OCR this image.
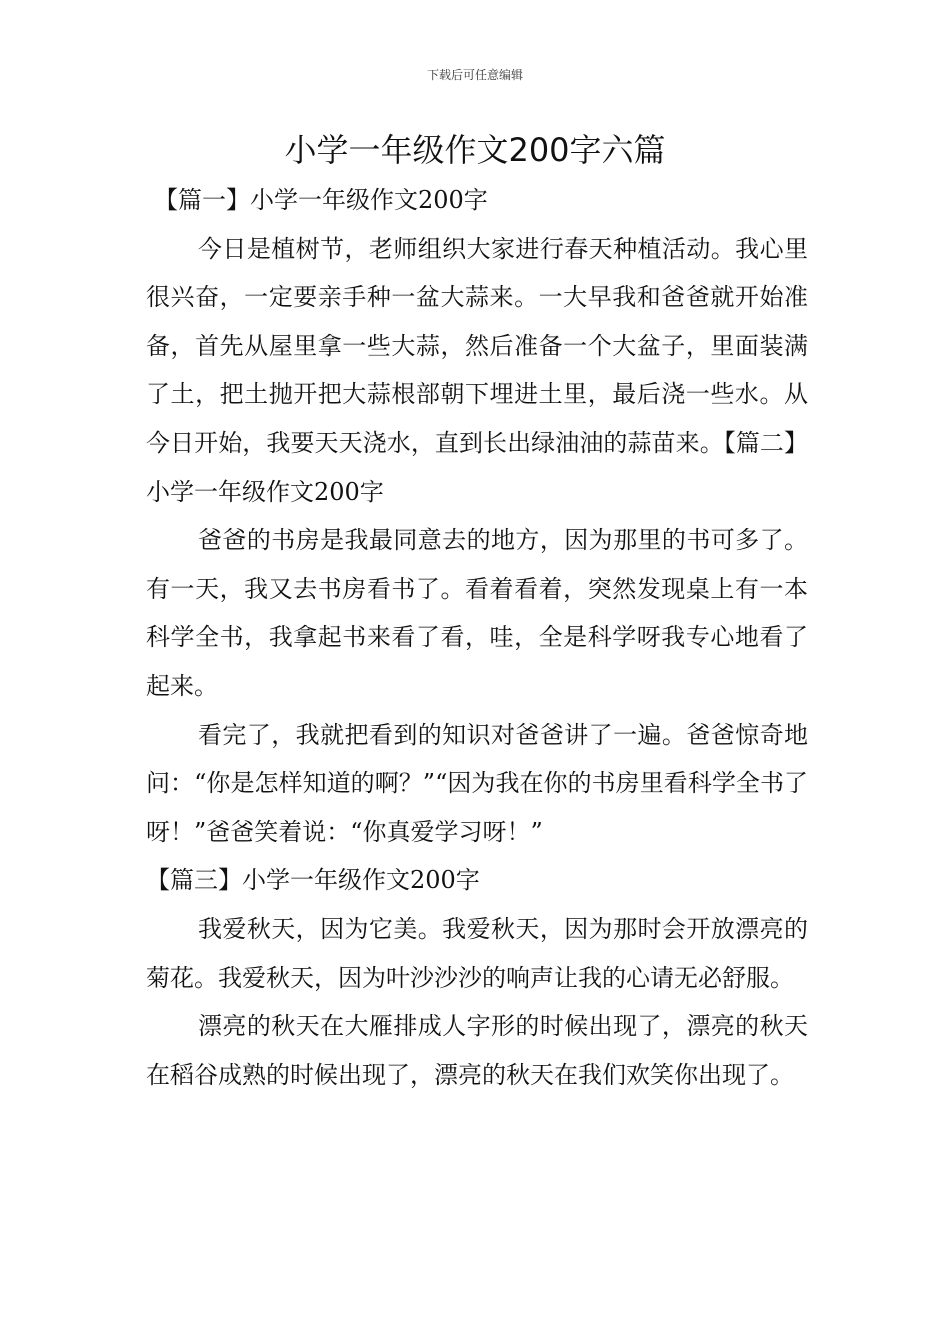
下载后可任意编辑
小学一年级作文200字六篇
【篇一】小学一年级作文200字

今日是植树节，老师组织大家进行春天种植活动。我心里很兴奋，一定要亲手种一盆大蒜来。一大早我和爸爸就开始准备，首先从屋里拿一些大蒜，然后准备一个大盆子，里面装满了土，把土抛开把大蒜根部朝下埋进土里，最后浇一些水。从今日开始，我要天天浇水，直到长出绿油油的蒜苗来。【篇二】小学一年级作文200字

爸爸的书房是我最同意去的地方，因为那里的书可多了。有一天，我又去书房看书了。看着看着，突然发现桌上有一本科学全书，我拿起书来看了看，哇，全是科学呀我专心地看了起来。

看完了，我就把看到的知识对爸爸讲了一遍。爸爸惊奇地问：“你是怎样知道的啊？”“因为我在你的书房里看科学全书了呀！”爸爸笑着说：“你真爱学习呀！”

【篇三】小学一年级作文200字

我爱秋天，因为它美。我爱秋天，因为那时会开放漂亮的菊花。我爱秋天，因为叶沙沙沙的响声让我的心请无必舒服。

漂亮的秋天在大雁排成人字形的时候出现了，漂亮的秋天在稻谷成熟的时候出现了，漂亮的秋天在我们欢笑你出现了。
